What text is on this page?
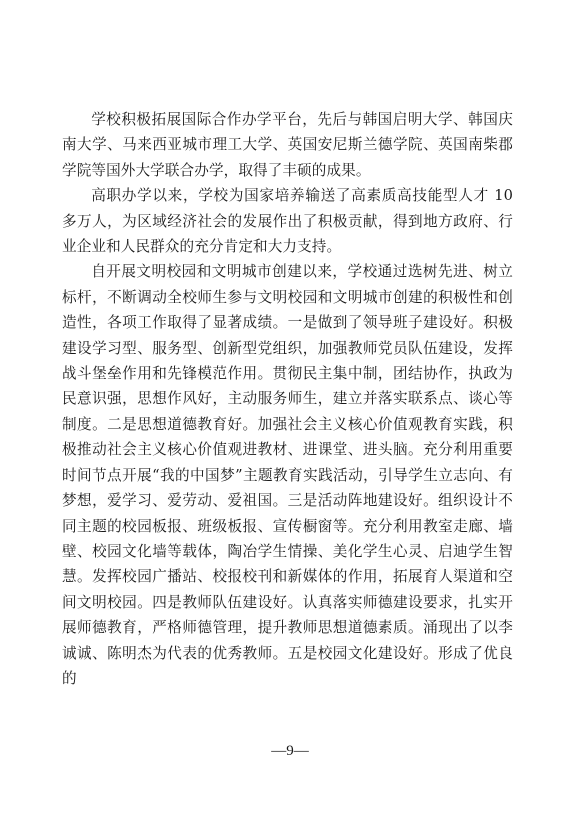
学校积极拓展国际合作办学平台，先后与韩国启明大学、韩国庆南大学、马来西亚城市理工大学、英国安尼斯兰德学院、英国南柴郡学院等国外大学联合办学，取得了丰硕的成果。

高职办学以来，学校为国家培养输送了高素质高技能型人才 10 多万人，为区域经济社会的发展作出了积极贡献，得到地方政府、行业企业和人民群众的充分肯定和大力支持。

自开展文明校园和文明城市创建以来，学校通过选树先进、树立标杆，不断调动全校师生参与文明校园和文明城市创建的积极性和创造性，各项工作取得了显著成绩。一是做到了领导班子建设好。积极建设学习型、服务型、创新型党组织，加强教师党员队伍建设，发挥战斗堡垒作用和先锋模范作用。贯彻民主集中制，团结协作，执政为民意识强，思想作风好，主动服务师生，建立并落实联系点、谈心等制度。二是思想道德教育好。加强社会主义核心价值观教育实践，积极推动社会主义核心价值观进教材、进课堂、进头脑。充分利用重要时间节点开展“我的中国梦”主题教育实践活动，引导学生立志向、有梦想，爱学习、爱劳动、爱祖国。三是活动阵地建设好。组织设计不同主题的校园板报、班级板报、宣传橱窗等。充分利用教室走廊、墙壁、校园文化墙等载体，陶冶学生情操、美化学生心灵、启迪学生智慧。发挥校园广播站、校报校刊和新媒体的作用，拓展育人渠道和空间文明校园。四是教师队伍建设好。认真落实师德建设要求，扎实开展师德教育，严格师德管理，提升教师思想道德素质。涌现出了以李诚诚、陈明杰为代表的优秀教师。五是校园文化建设好。形成了优良的

—9—
